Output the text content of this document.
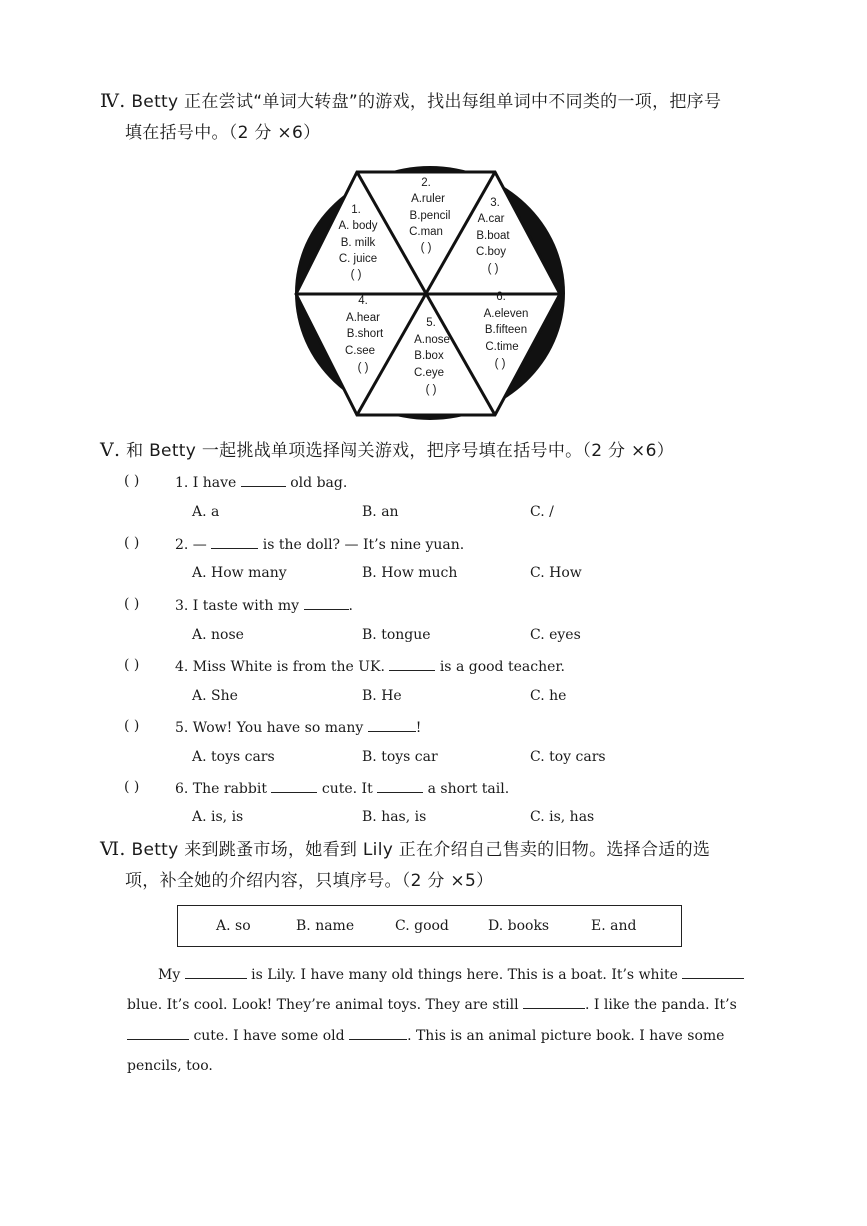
Ⅳ. Betty 正在尝试“单词大转盘”的游戏，找出每组单词中不同类的一项，把序号
填在括号中。（2 分 ×6）
1.
A. body
B. milk
C. juice
( )
2.
A.ruler
B.pencil
C.man
( )
3.
A.car
B.boat
C.boy
( )
4.
A.hear
B.short
C.see
( )
5.
A.nose
B.box
C.eye
( )
6.
A.eleven
B.fifteen
C.time
( )
Ⅴ. 和 Betty 一起挑战单项选择闯关游戏，把序号填在括号中。（2 分 ×6）
( )	1. I have	old bag.
A. a	B. an	C. /
( )	2. —	is the doll? — It’s nine yuan.
A. How many	B. How much	C. How
( )	3. I taste with my	.
A. nose	B. tongue	C. eyes
( )	4. Miss White is from the UK.	is a good teacher.
A. She	B. He	C. he
( )	5. Wow! You have so many	!
A. toys cars	B. toys car	C. toy cars
( )	6. The rabbit	cute. It	a short tail.
A. is, is	B. has, is	C. is, has
Ⅵ. Betty 来到跳蚤市场，她看到 Lily 正在介绍自己售卖的旧物。选择合适的选
项，补全她的介绍内容，只填序号。（2 分 ×5）
A. so	B. name	C. good	D. books	E. and
My	is Lily. I have many old things here. This is a boat. It’s white
blue. It’s cool. Look! They’re animal toys. They are still	. I like the panda. It’s
cute. I have some old	. This is an animal picture book. I have some
pencils, too.
